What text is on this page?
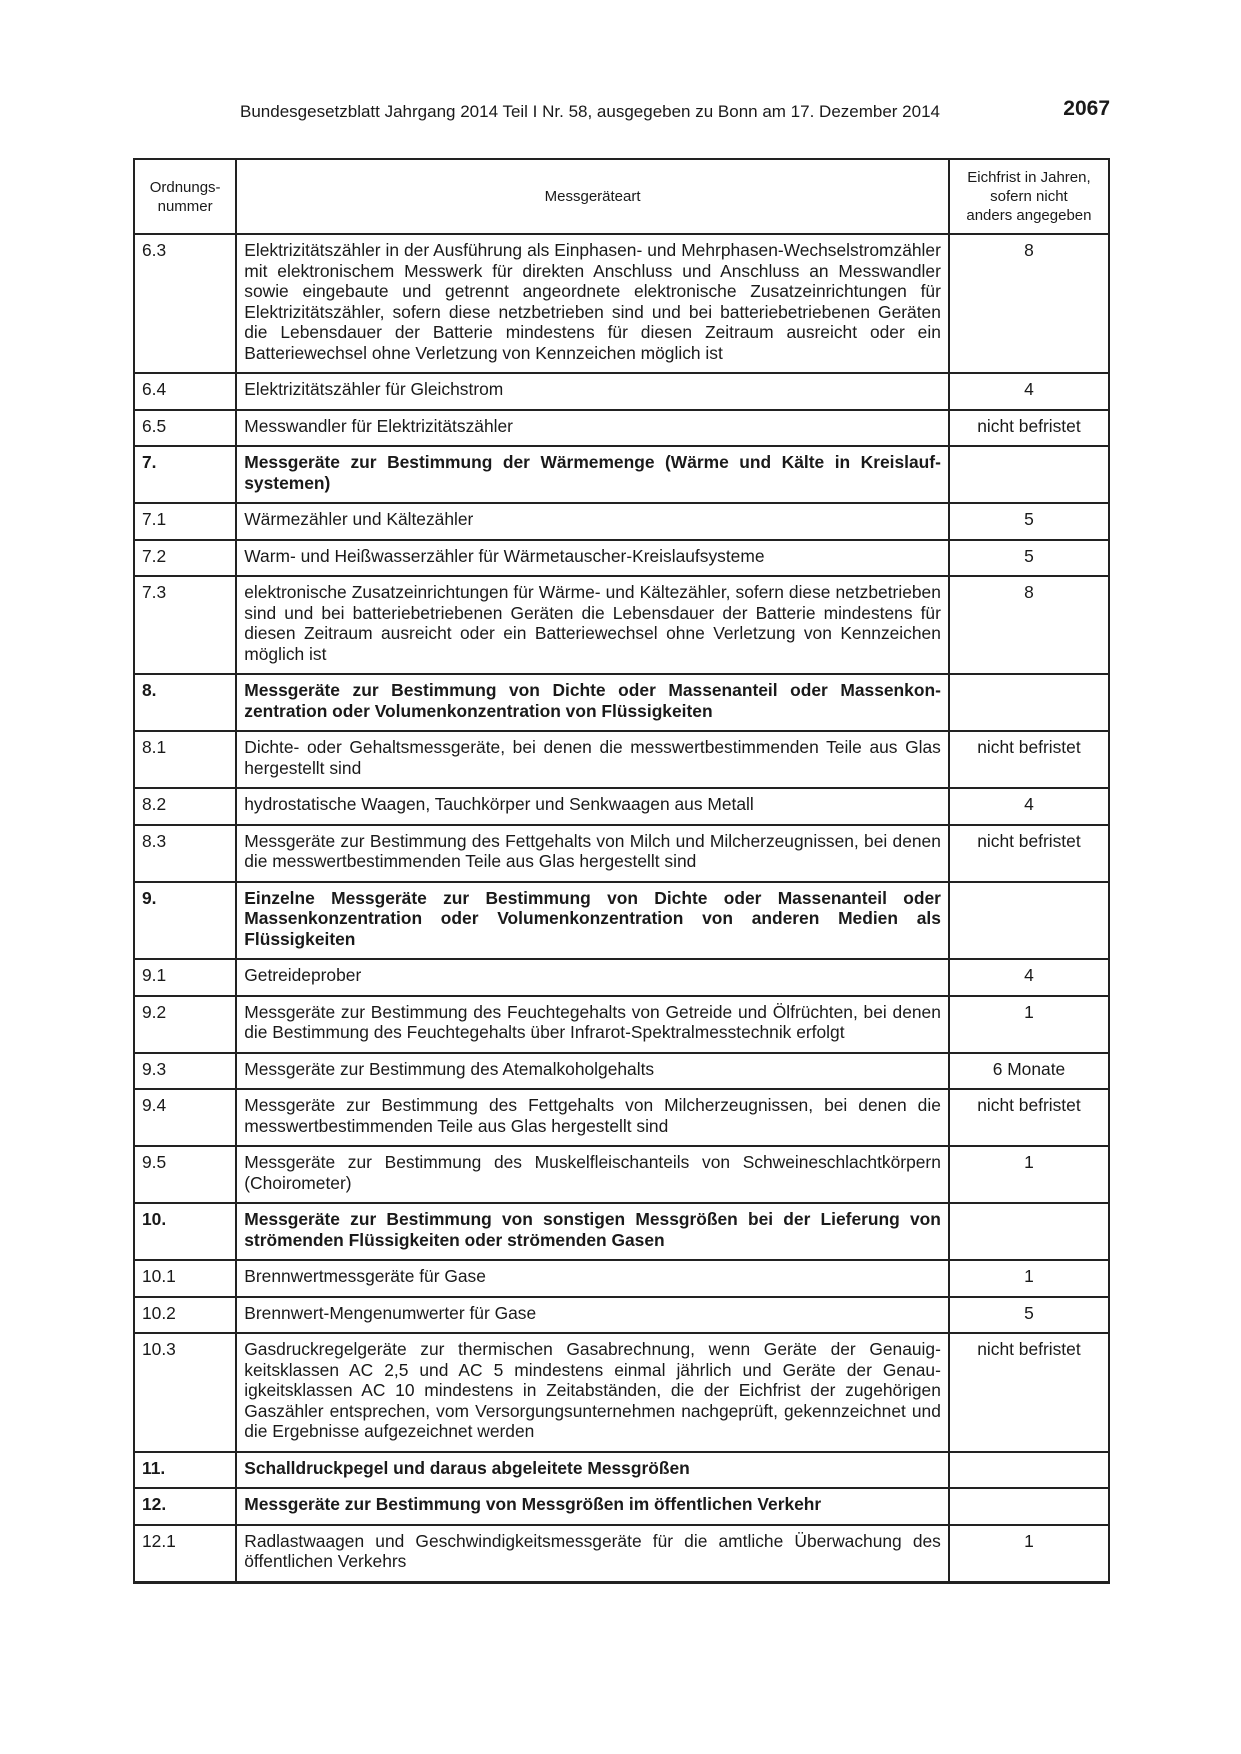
Bundesgesetzblatt Jahrgang 2014 Teil I Nr. 58, ausgegeben zu Bonn am 17. Dezember 2014	2067
Ordnungs-
nummer	Messgeräteart	Eichfrist in Jahren,
sofern nicht
anders angegeben
6.3	Elektrizitätszähler in der Ausführung als Einphasen- und Mehrphasen-Wechselstromzähler mit elektronischem Messwerk für direkten Anschluss und Anschluss an Messwandler sowie eingebaute und getrennt angeordnete elektronische Zusatzeinrichtungen für Elektrizitätszähler, sofern diese netzbetrieben sind und bei batteriebetriebenen Geräten die Lebensdauer der Batterie mindestens für diesen Zeitraum ausreicht oder ein Batteriewechsel ohne Verletzung von Kennzeichen möglich ist	8
6.4	Elektrizitätszähler für Gleichstrom	4
6.5	Messwandler für Elektrizitätszähler	nicht befristet
7.	Messgeräte zur Bestimmung der Wärmemenge (Wärme und Kälte in Kreislaufsystemen)	
7.1	Wärmezähler und Kältezähler	5
7.2	Warm- und Heißwasserzähler für Wärmetauscher-Kreislaufsysteme	5
7.3	elektronische Zusatzeinrichtungen für Wärme- und Kältezähler, sofern diese netzbetrieben sind und bei batteriebetriebenen Geräten die Lebensdauer der Batterie mindestens für diesen Zeitraum ausreicht oder ein Batteriewechsel ohne Verletzung von Kennzeichen möglich ist	8
8.	Messgeräte zur Bestimmung von Dichte oder Massenanteil oder Massenkonzentration oder Volumenkonzentration von Flüssigkeiten	
8.1	Dichte- oder Gehaltsmessgeräte, bei denen die messwertbestimmenden Teile aus Glas hergestellt sind	nicht befristet
8.2	hydrostatische Waagen, Tauchkörper und Senkwaagen aus Metall	4
8.3	Messgeräte zur Bestimmung des Fettgehalts von Milch und Milcherzeugnissen, bei denen die messwertbestimmenden Teile aus Glas hergestellt sind	nicht befristet
9.	Einzelne Messgeräte zur Bestimmung von Dichte oder Massenanteil oder Massenkonzentration oder Volumenkonzentration von anderen Medien als Flüssigkeiten	
9.1	Getreideprober	4
9.2	Messgeräte zur Bestimmung des Feuchtegehalts von Getreide und Ölfrüchten, bei denen die Bestimmung des Feuchtegehalts über Infrarot-Spektralmesstechnik erfolgt	1
9.3	Messgeräte zur Bestimmung des Atemalkoholgehalts	6 Monate
9.4	Messgeräte zur Bestimmung des Fettgehalts von Milcherzeugnissen, bei denen die messwertbestimmenden Teile aus Glas hergestellt sind	nicht befristet
9.5	Messgeräte zur Bestimmung des Muskelfleischanteils von Schweineschlachtkörpern (Choirometer)	1
10.	Messgeräte zur Bestimmung von sonstigen Messgrößen bei der Lieferung von strömenden Flüssigkeiten oder strömenden Gasen	
10.1	Brennwertmessgeräte für Gase	1
10.2	Brennwert-Mengenumwerter für Gase	5
10.3	Gasdruckregelgeräte zur thermischen Gasabrechnung, wenn Geräte der Genauigkeitsklassen AC 2,5 und AC 5 mindestens einmal jährlich und Geräte der Genauigkeitsklassen AC 10 mindestens in Zeitabständen, die der Eichfrist der zugehörigen Gaszähler entsprechen, vom Versorgungsunternehmen nachgeprüft, gekennzeichnet und die Ergebnisse aufgezeichnet werden	nicht befristet
11.	Schalldruckpegel und daraus abgeleitete Messgrößen	
12.	Messgeräte zur Bestimmung von Messgrößen im öffentlichen Verkehr	
12.1	Radlastwaagen und Geschwindigkeitsmessgeräte für die amtliche Überwachung des öffentlichen Verkehrs	1
